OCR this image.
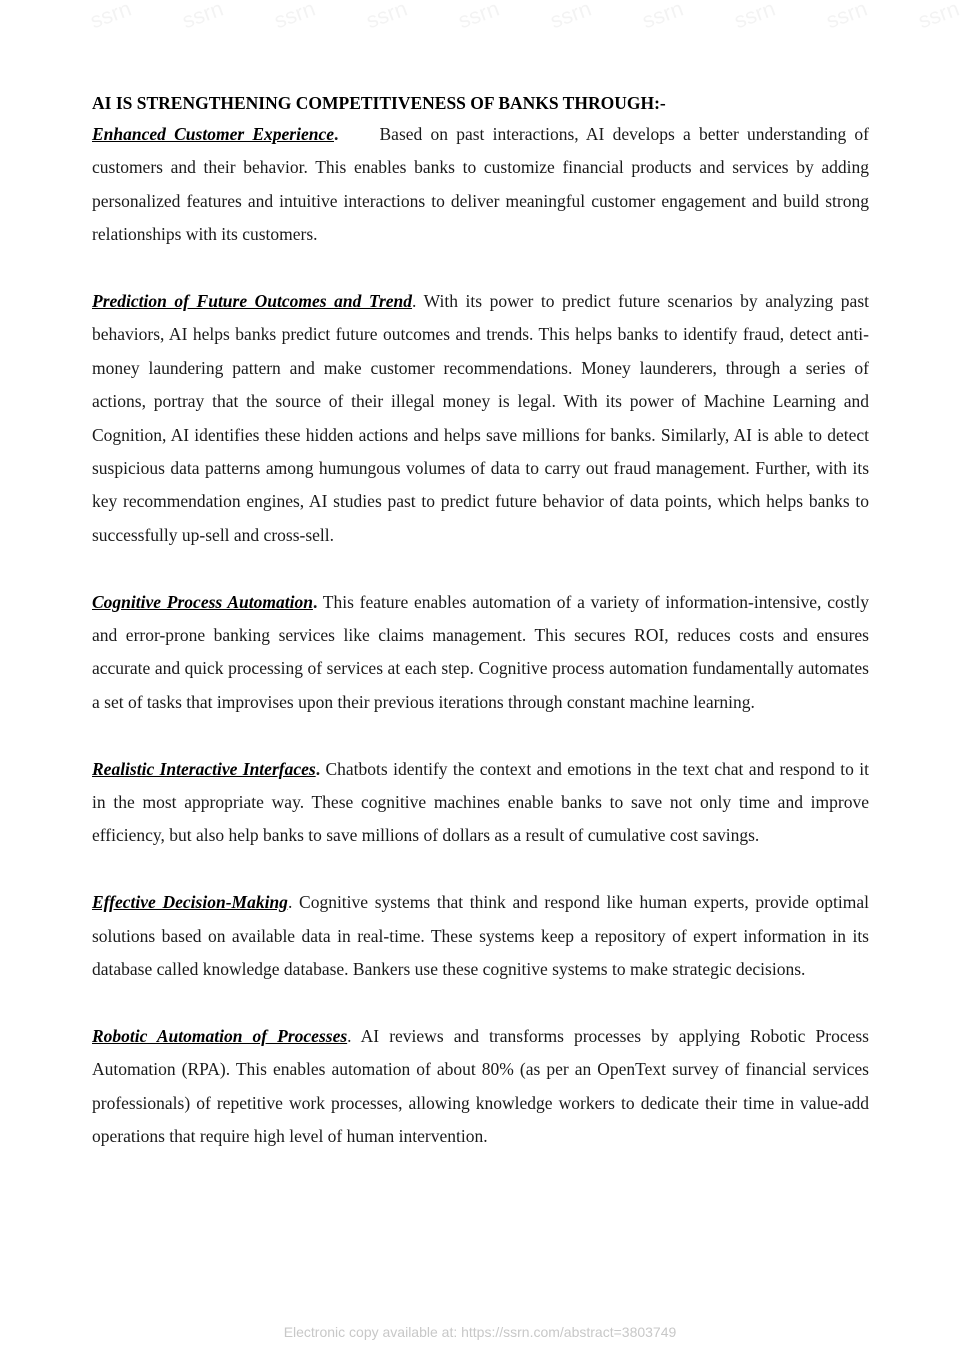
AI IS STRENGTHENING COMPETITIVENESS OF BANKS THROUGH:-

Enhanced Customer Experience. Based on past interactions, AI develops a better understanding of customers and their behavior. This enables banks to customize financial products and services by adding personalized features and intuitive interactions to deliver meaningful customer engagement and build strong relationships with its customers.

Prediction of Future Outcomes and Trend. With its power to predict future scenarios by analyzing past behaviors, AI helps banks predict future outcomes and trends. This helps banks to identify fraud, detect anti-money laundering pattern and make customer recommendations. Money launderers, through a series of actions, portray that the source of their illegal money is legal. With its power of Machine Learning and Cognition, AI identifies these hidden actions and helps save millions for banks. Similarly, AI is able to detect suspicious data patterns among humungous volumes of data to carry out fraud management. Further, with its key recommendation engines, AI studies past to predict future behavior of data points, which helps banks to successfully up-sell and cross-sell.

Cognitive Process Automation. This feature enables automation of a variety of information-intensive, costly and error-prone banking services like claims management. This secures ROI, reduces costs and ensures accurate and quick processing of services at each step. Cognitive process automation fundamentally automates a set of tasks that improvises upon their previous iterations through constant machine learning.

Realistic Interactive Interfaces. Chatbots identify the context and emotions in the text chat and respond to it in the most appropriate way. These cognitive machines enable banks to save not only time and improve efficiency, but also help banks to save millions of dollars as a result of cumulative cost savings.

Effective Decision-Making. Cognitive systems that think and respond like human experts, provide optimal solutions based on available data in real-time. These systems keep a repository of expert information in its database called knowledge database. Bankers use these cognitive systems to make strategic decisions.

Robotic Automation of Processes. AI reviews and transforms processes by applying Robotic Process Automation (RPA). This enables automation of about 80% (as per an OpenText survey of financial services professionals) of repetitive work processes, allowing knowledge workers to dedicate their time in value-add operations that require high level of human intervention.

Electronic copy available at: https://ssrn.com/abstract=3803749
